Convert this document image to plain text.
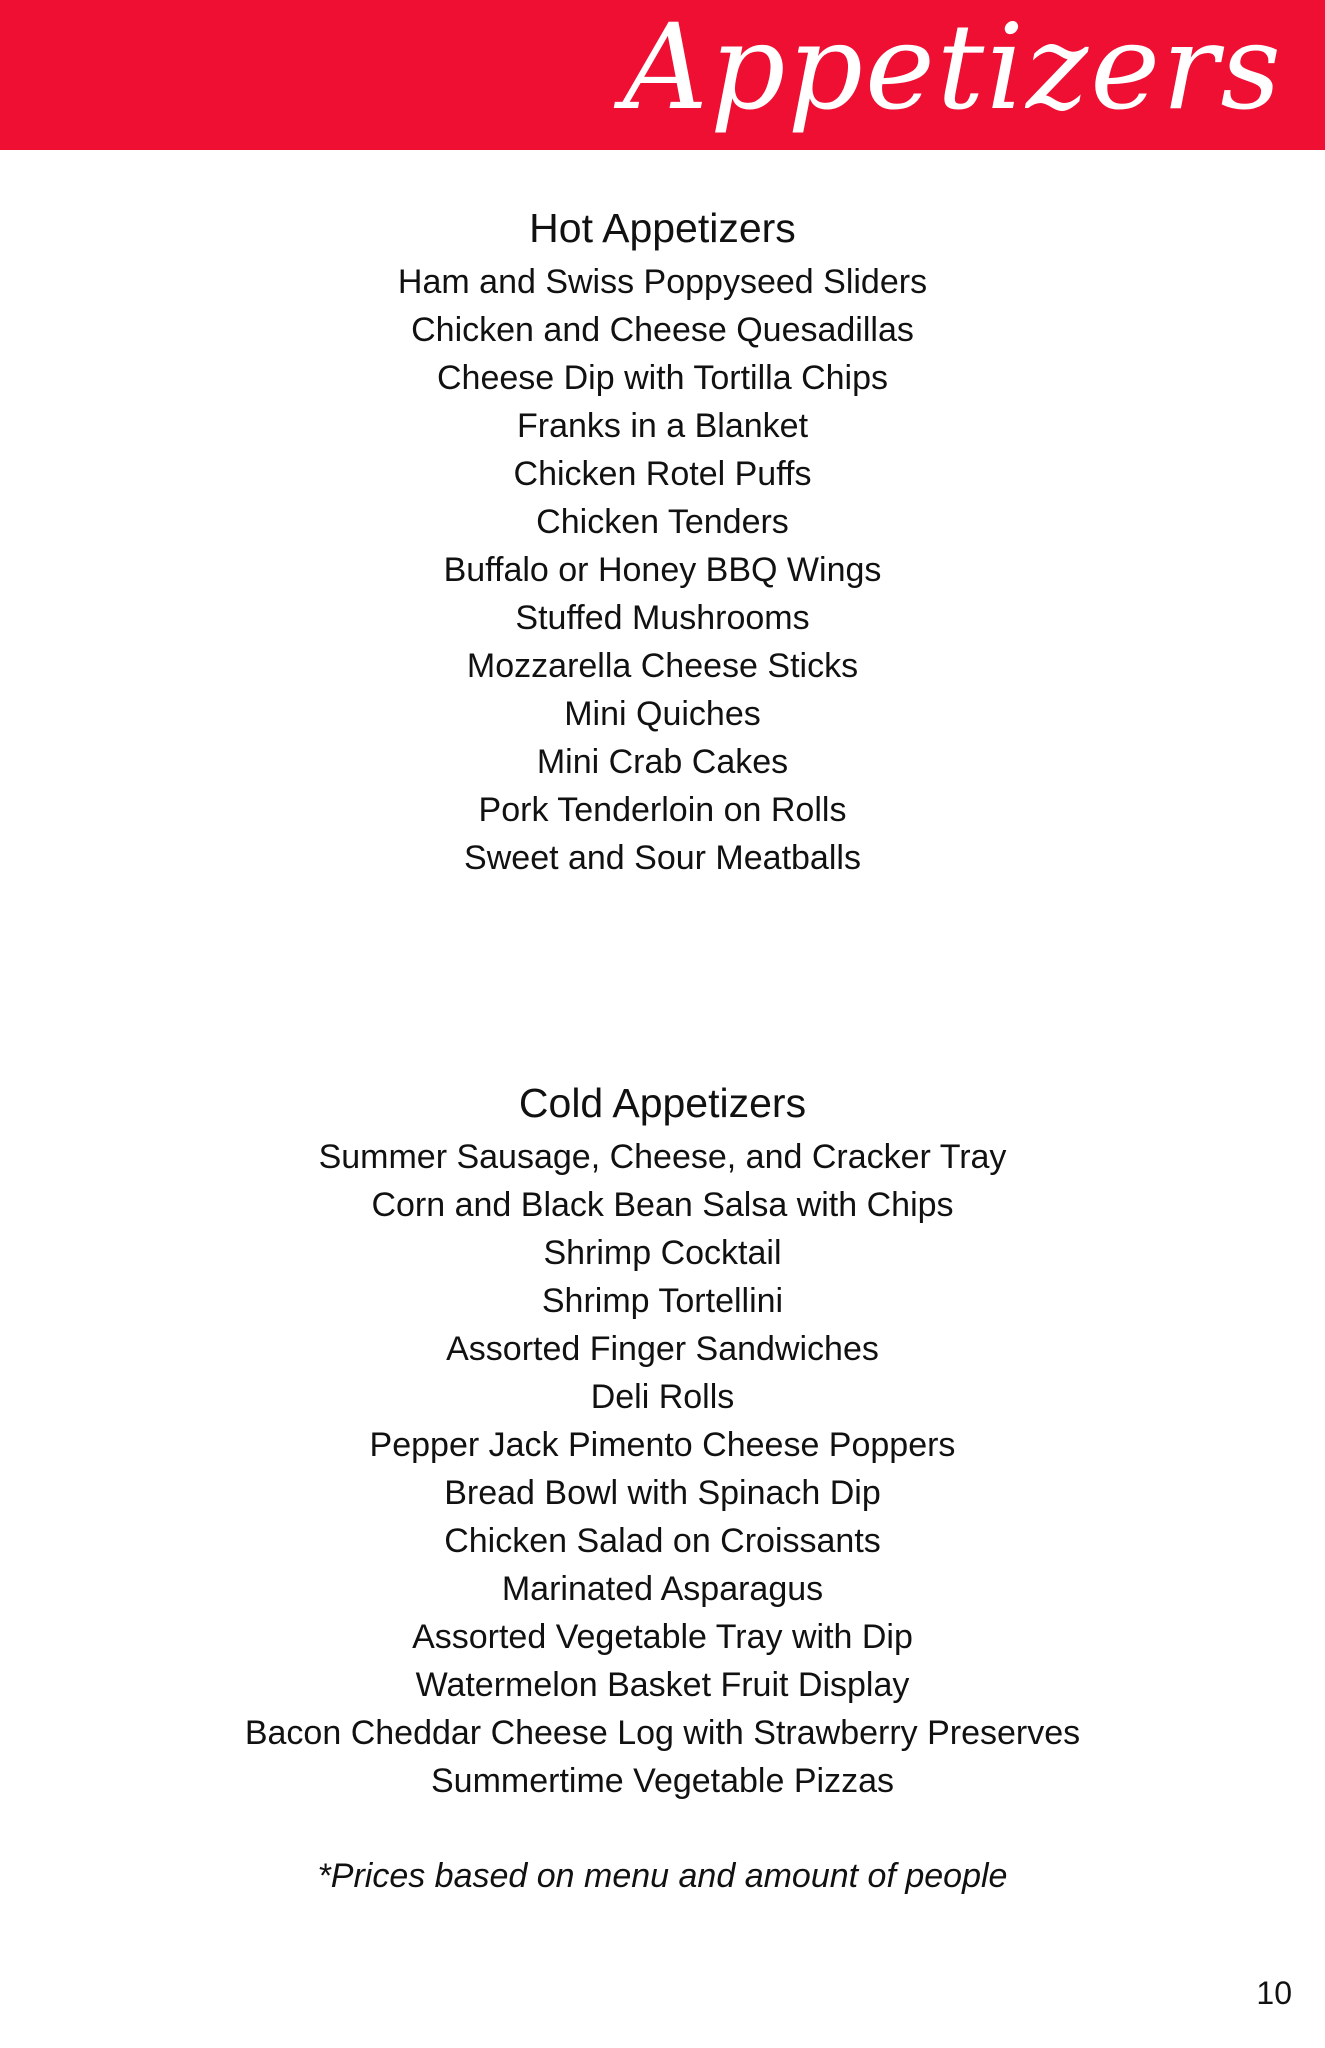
Appetizers
Hot Appetizers
Ham and Swiss Poppyseed Sliders
Chicken and Cheese Quesadillas
Cheese Dip with Tortilla Chips
Franks in a Blanket
Chicken Rotel Puffs
Chicken Tenders
Buffalo or Honey BBQ Wings
Stuffed Mushrooms
Mozzarella Cheese Sticks
Mini Quiches
Mini Crab Cakes
Pork Tenderloin on Rolls
Sweet and Sour Meatballs
Cold Appetizers
Summer Sausage, Cheese, and Cracker Tray
Corn and Black Bean Salsa with Chips
Shrimp Cocktail
Shrimp Tortellini
Assorted Finger Sandwiches
Deli Rolls
Pepper Jack Pimento Cheese Poppers
Bread Bowl with Spinach Dip
Chicken Salad on Croissants
Marinated Asparagus
Assorted Vegetable Tray with Dip
Watermelon Basket Fruit Display
Bacon Cheddar Cheese Log with Strawberry Preserves
Summertime Vegetable Pizzas
*Prices based on menu and amount of people
10
